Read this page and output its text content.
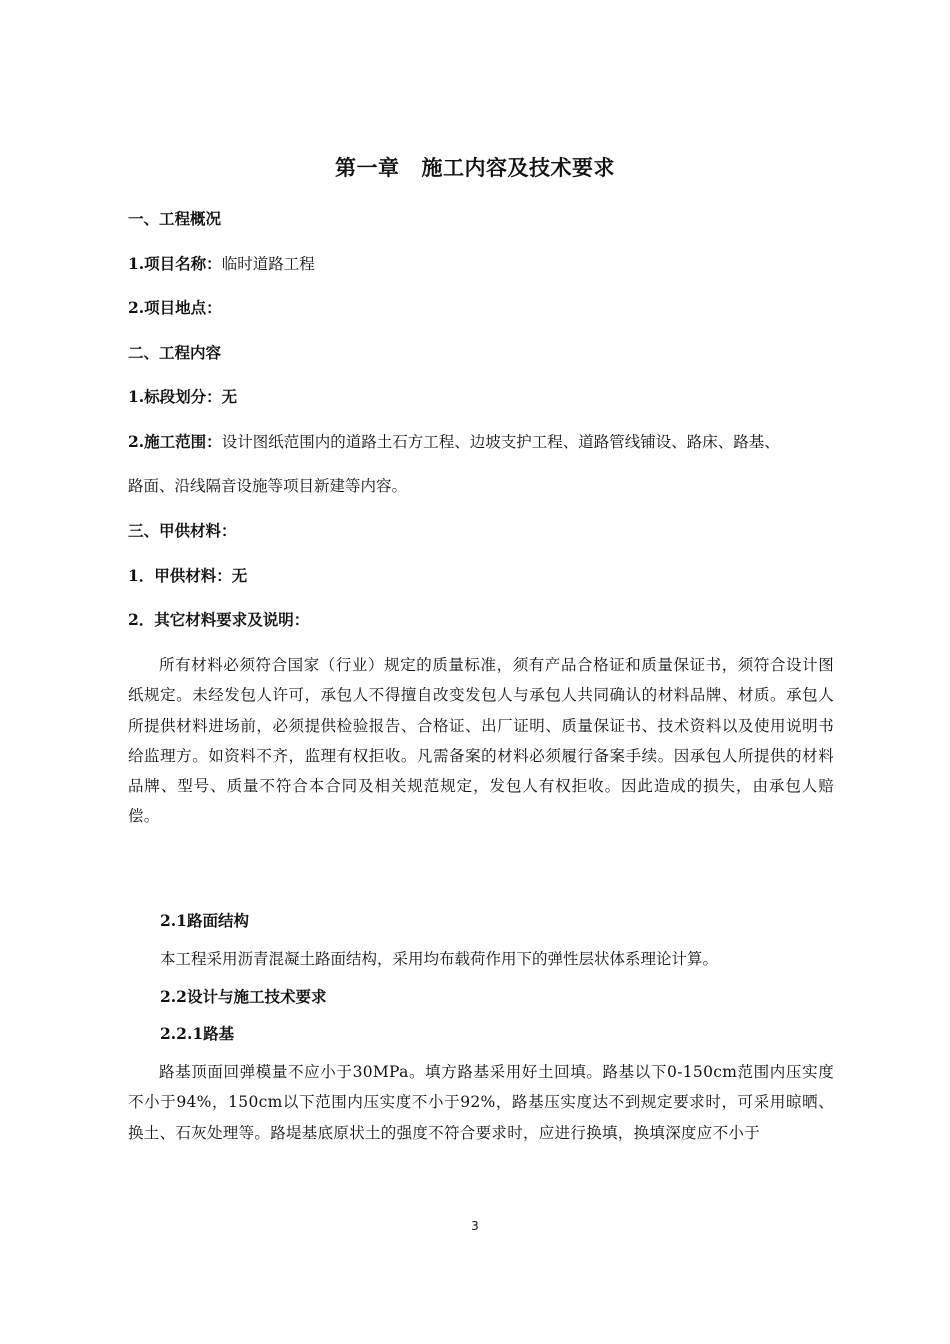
第一章 施工内容及技术要求
一、工程概况
1.项目名称：临时道路工程
2.项目地点：
二、工程内容
1.标段划分：无
2.施工范围：设计图纸范围内的道路土石方工程、边坡支护工程、道路管线铺设、路床、路基、
路面、沿线隔音设施等项目新建等内容。
三、甲供材料：
1．甲供材料：无
2．其它材料要求及说明：
所有材料必须符合国家（行业）规定的质量标准，须有产品合格证和质量保证书，须符合设计图纸规定。未经发包人许可，承包人不得擅自改变发包人与承包人共同确认的材料品牌、材质。承包人所提供材料进场前，必须提供检验报告、合格证、出厂证明、质量保证书、技术资料以及使用说明书给监理方。如资料不齐，监理有权拒收。凡需备案的材料必须履行备案手续。因承包人所提供的材料品牌、型号、质量不符合本合同及相关规范规定，发包人有权拒收。因此造成的损失，由承包人赔偿。
2.1路面结构
本工程采用沥青混凝土路面结构，采用均布载荷作用下的弹性层状体系理论计算。
2.2设计与施工技术要求
2.2.1路基
路基顶面回弹模量不应小于30MPa。填方路基采用好土回填。路基以下0-150cm范围内压实度不小于94%，150cm以下范围内压实度不小于92%，路基压实度达不到规定要求时，可采用晾晒、换土、石灰处理等。路堤基底原状土的强度不符合要求时，应进行换填，换填深度应不小于
3
